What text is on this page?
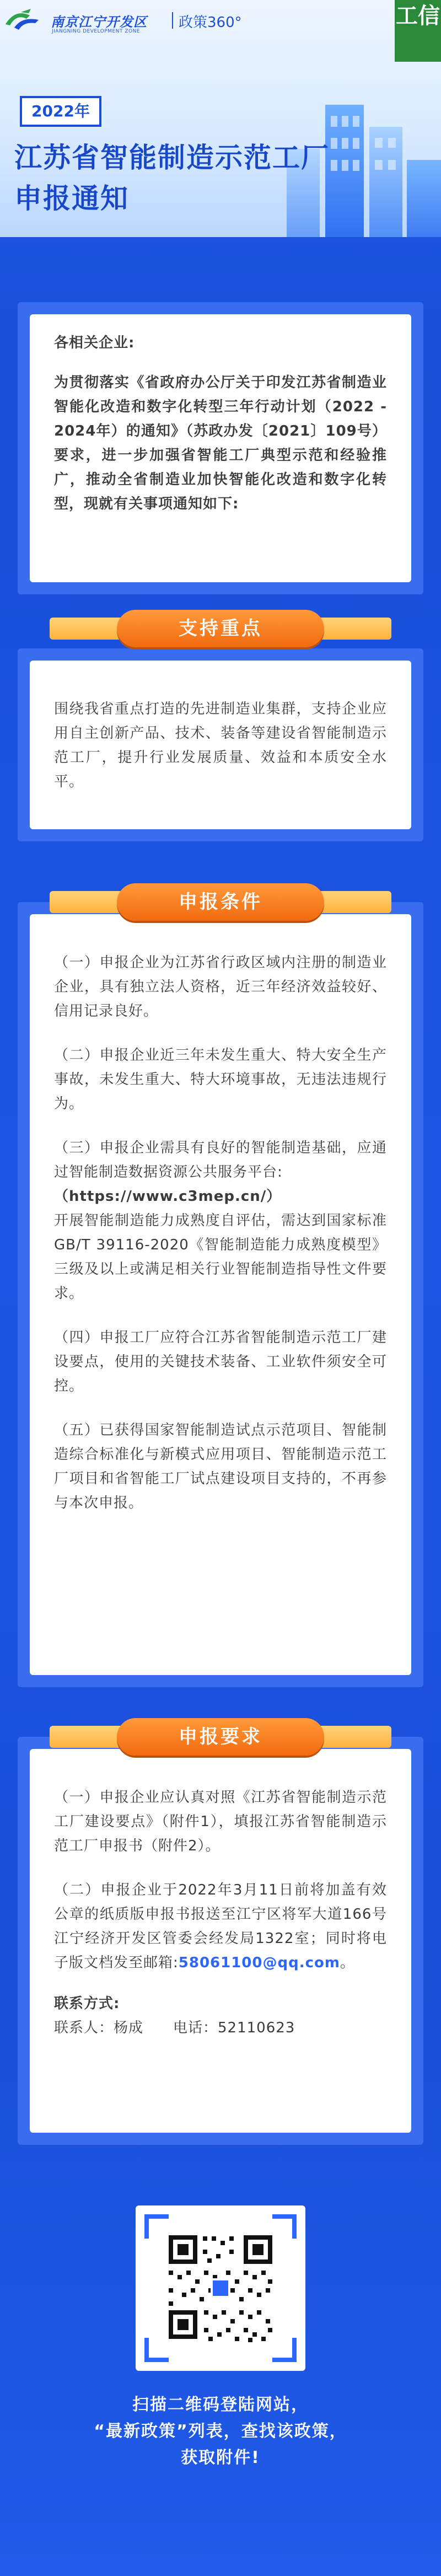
南京江宁开发区
JIANGNING DEVELOPMENT ZONE
政策360°	工信
2022年
江苏省智能制造示范工厂
申报通知
各相关企业:
为贯彻落实《省政府办公厅关于印发江苏省制造业智能化改造和数字化转型三年行动计划（2022 - 2024年）的通知》（苏政办发〔2021〕109号）要求，进一步加强省智能工厂典型示范和经验推广，推动全省制造业加快智能化改造和数字化转型，现就有关事项通知如下:
支持重点
围绕我省重点打造的先进制造业集群，支持企业应用自主创新产品、技术、装备等建设省智能制造示范工厂，提升行业发展质量、效益和本质安全水平。
申报条件
（一）申报企业为江苏省行政区域内注册的制造业企业，具有独立法人资格，近三年经济效益较好、信用记录良好。
（二）申报企业近三年未发生重大、特大安全生产事故，未发生重大、特大环境事故，无违法违规行为。
（三）申报企业需具有良好的智能制造基础，应通过智能制造数据资源公共服务平台:
（https://www.c3mep.cn/）
开展智能制造能力成熟度自评估，需达到国家标准GB/T 39116-2020《智能制造能力成熟度模型》三级及以上或满足相关行业智能制造指导性文件要求。
（四）申报工厂应符合江苏省智能制造示范工厂建设要点，使用的关键技术装备、工业软件须安全可控。
（五）已获得国家智能制造试点示范项目、智能制造综合标准化与新模式应用项目、智能制造示范工厂项目和省智能工厂试点建设项目支持的，不再参与本次申报。
申报要求
（一）申报企业应认真对照《江苏省智能制造示范工厂建设要点》（附件1），填报江苏省智能制造示范工厂申报书（附件2）。
（二）申报企业于2022年3月11日前将加盖有效公章的纸质版申报书报送至江宁区将军大道166号江宁经济开发区管委会经发局1322室；同时将电子版文档发至邮箱:58061100@qq.com。
联系方式:
联系人：杨成　　电话：52110623
扫描二维码登陆网站，
“最新政策”列表，查找该政策，
获取附件!
